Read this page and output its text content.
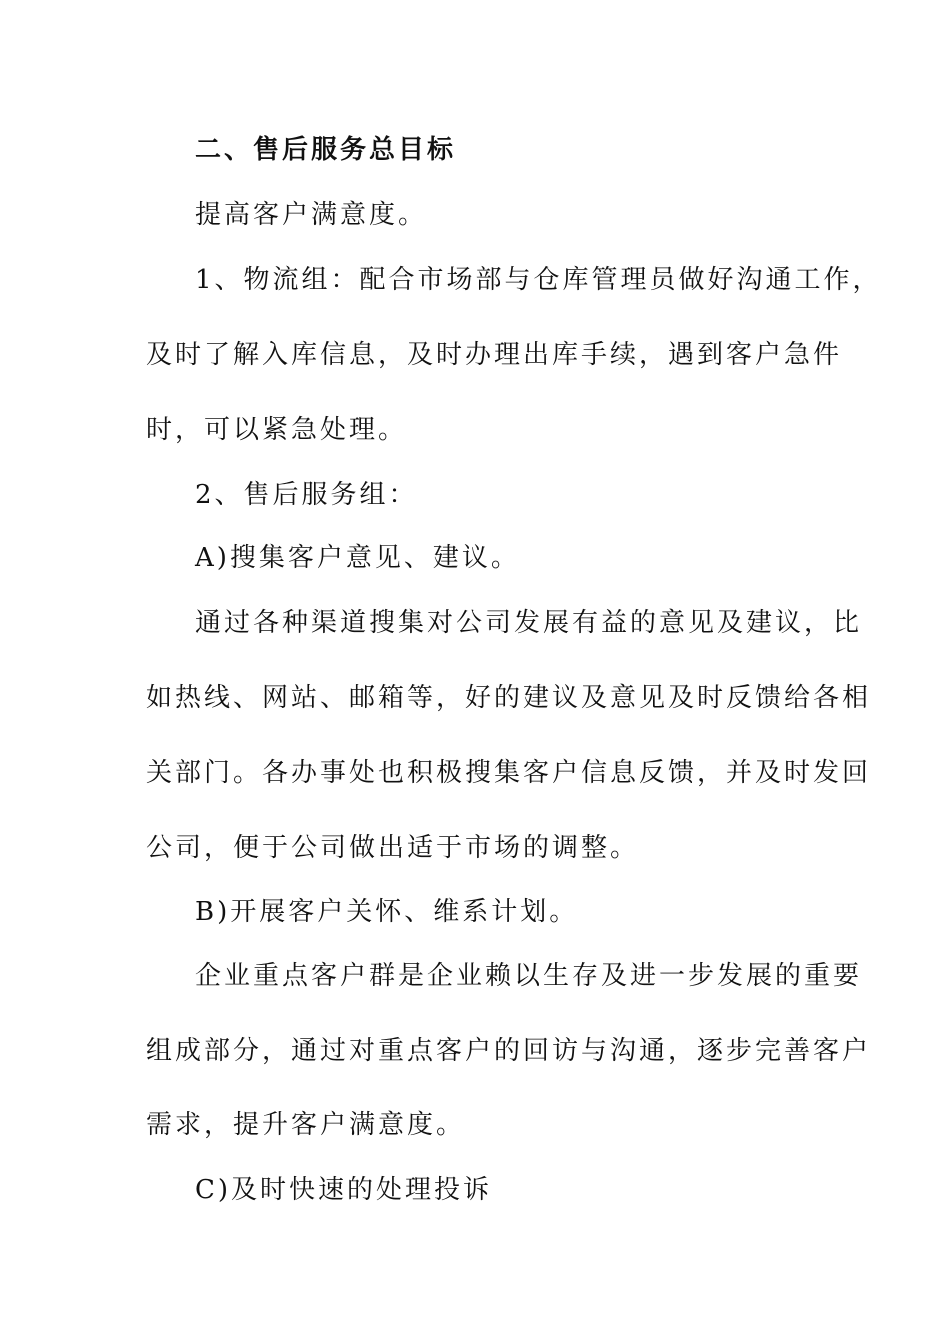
二、售后服务总目标
提高客户满意度。
1、物流组：配合市场部与仓库管理员做好沟通工作，
及时了解入库信息，及时办理出库手续，遇到客户急件
时，可以紧急处理。
2、售后服务组：
A)搜集客户意见、建议。
通过各种渠道搜集对公司发展有益的意见及建议，比
如热线、网站、邮箱等，好的建议及意见及时反馈给各相
关部门。各办事处也积极搜集客户信息反馈，并及时发回
公司，便于公司做出适于市场的调整。
B)开展客户关怀、维系计划。
企业重点客户群是企业赖以生存及进一步发展的重要
组成部分，通过对重点客户的回访与沟通，逐步完善客户
需求，提升客户满意度。
C)及时快速的处理投诉
